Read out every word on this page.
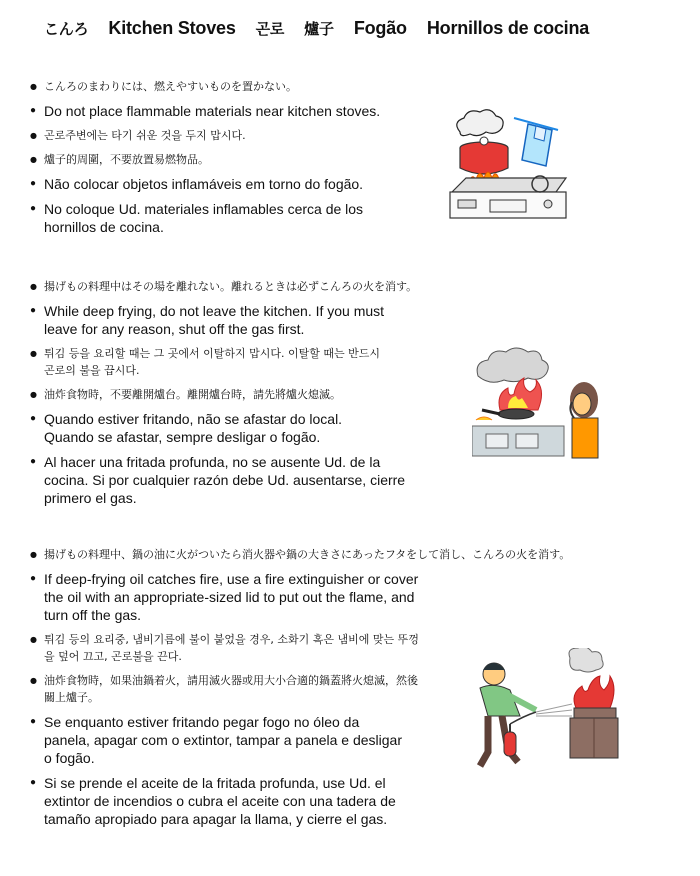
こんろ Kitchen Stoves 곤로 爐子 Fogão Hornillos de cocina
● こんろのまわりには、燃えやすいものを置かない。
● Do not place flammable materials near kitchen stoves.
● 곤로주변에는 타기 쉬운 것을 두지 맙시다.
● 爐子的周圍，不要放置易燃物品。
● Não colocar objetos inflamáveis em torno do fogão.
● No coloque Ud. materiales inflamables cerca de los hornillos de cocina.
● 揚げもの料理中はその場を離れない。離れるときは必ずこんろの火を消す。
● While deep frying, do not leave the kitchen. If you must leave for any reason, shut off the gas first.
● 튀김 등을 요리할 때는 그 곳에서 이탈하지 맙시다. 이탈할 때는 반드시 곤로의 불을 끕시다.
● 油炸食物時，不要離開爐台。離開爐台時，請先將爐火熄滅。
● Quando estiver fritando, não se afastar do local. Quando se afastar, sempre desligar o fogão.
● Al hacer una fritada profunda, no se ausente Ud. de la cocina. Si por cualquier razón debe Ud. ausentarse, cierre primero el gas.
● 揚げもの料理中、鍋の油に火がついたら消火器や鍋の大きさにあったフタをして消し、こんろの火を消す。
● If deep-frying oil catches fire, use a fire extinguisher or cover the oil with an appropriate-sized lid to put out the flame, and turn off the gas.
● 튀김 등의 요리중, 냄비기름에 불이 붙었을 경우, 소화기 혹은 냄비에 맞는 뚜껑을 덮어 끄고, 곤로불을 끈다.
● 油炸食物時，如果油鍋着火，請用滅火器或用大小合適的鍋蓋將火熄滅，然後關上爐子。
● Se enquanto estiver fritando pegar fogo no óleo da panela, apagar com o extintor, tampar a panela e desligar o fogão.
● Si se prende el aceite de la fritada profunda, use Ud. el extintor de incendios o cubra el aceite con una tadera de tamaño apropiado para apagar la llama, y cierre el gas.
